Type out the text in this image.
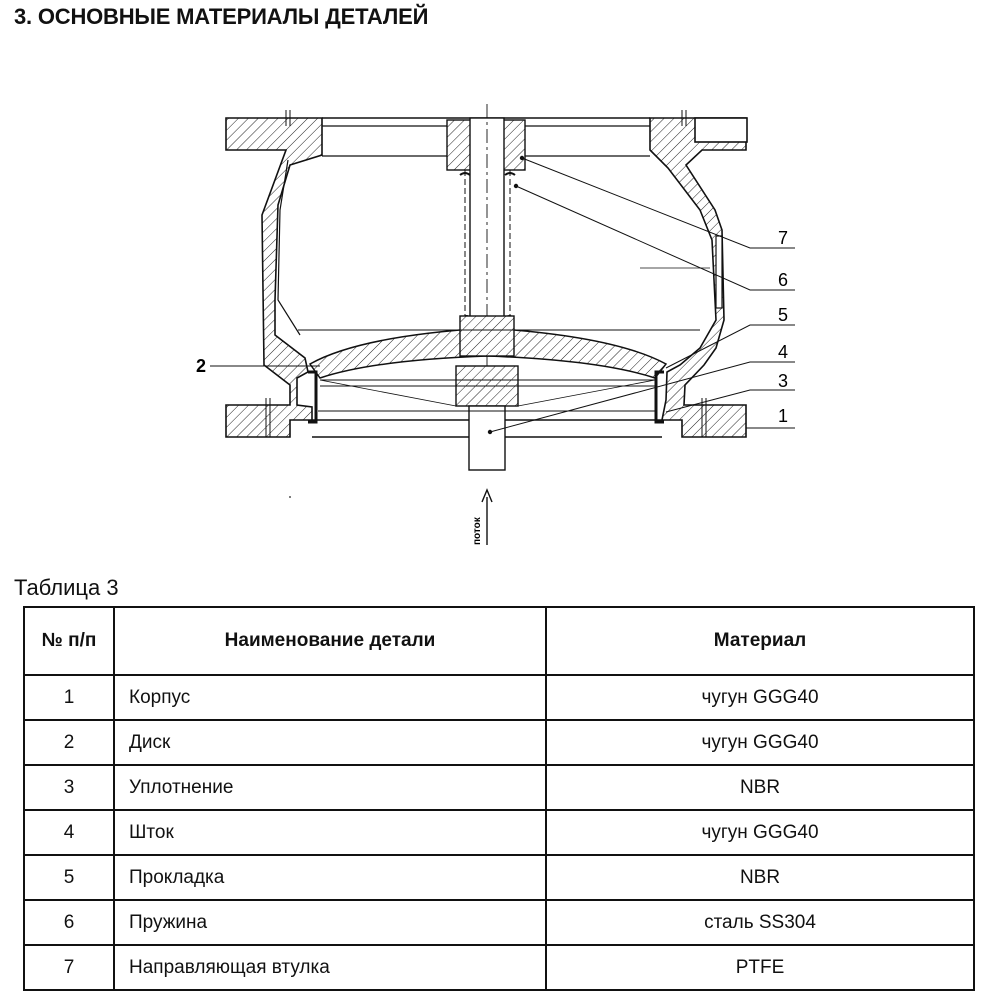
3. ОСНОВНЫЕ МАТЕРИАЛЫ ДЕТАЛЕЙ
7
6
5
4
3
1
2
поток
Таблица 3
№ п/п	Наименование детали	Материал
1	Корпус	чугун GGG40
2	Диск	чугун GGG40
3	Уплотнение	NBR
4	Шток	чугун GGG40
5	Прокладка	NBR
6	Пружина	сталь SS304
7	Направляющая втулка	PTFE
